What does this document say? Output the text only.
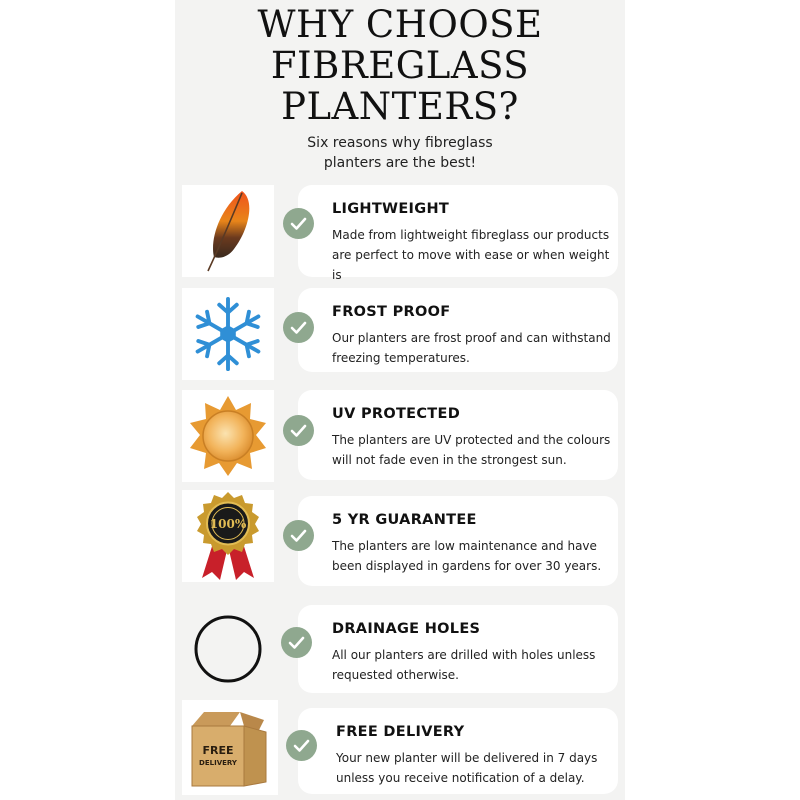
WHY CHOOSE
FIBREGLASS
PLANTERS?

Six reasons why fibreglass
planters are the best!

LIGHTWEIGHT
Made from lightweight fibreglass our products
are perfect to move with ease or when weight is

FROST PROOF
Our planters are frost proof and can withstand
freezing temperatures.
UV PROTECTED
The planters are UV protected and the colours
will not fade even in the strongest sun.
100%	5 YR GUARANTEE
The planters are low maintenance and have
been displayed in gardens for over 30 years.
DRAINAGE HOLES
All our planters are drilled with holes unless
requested otherwise.
FREE
DELIVERY
FREE DELIVERY
Your new planter will be delivered in 7 days
unless you receive notification of a delay.
